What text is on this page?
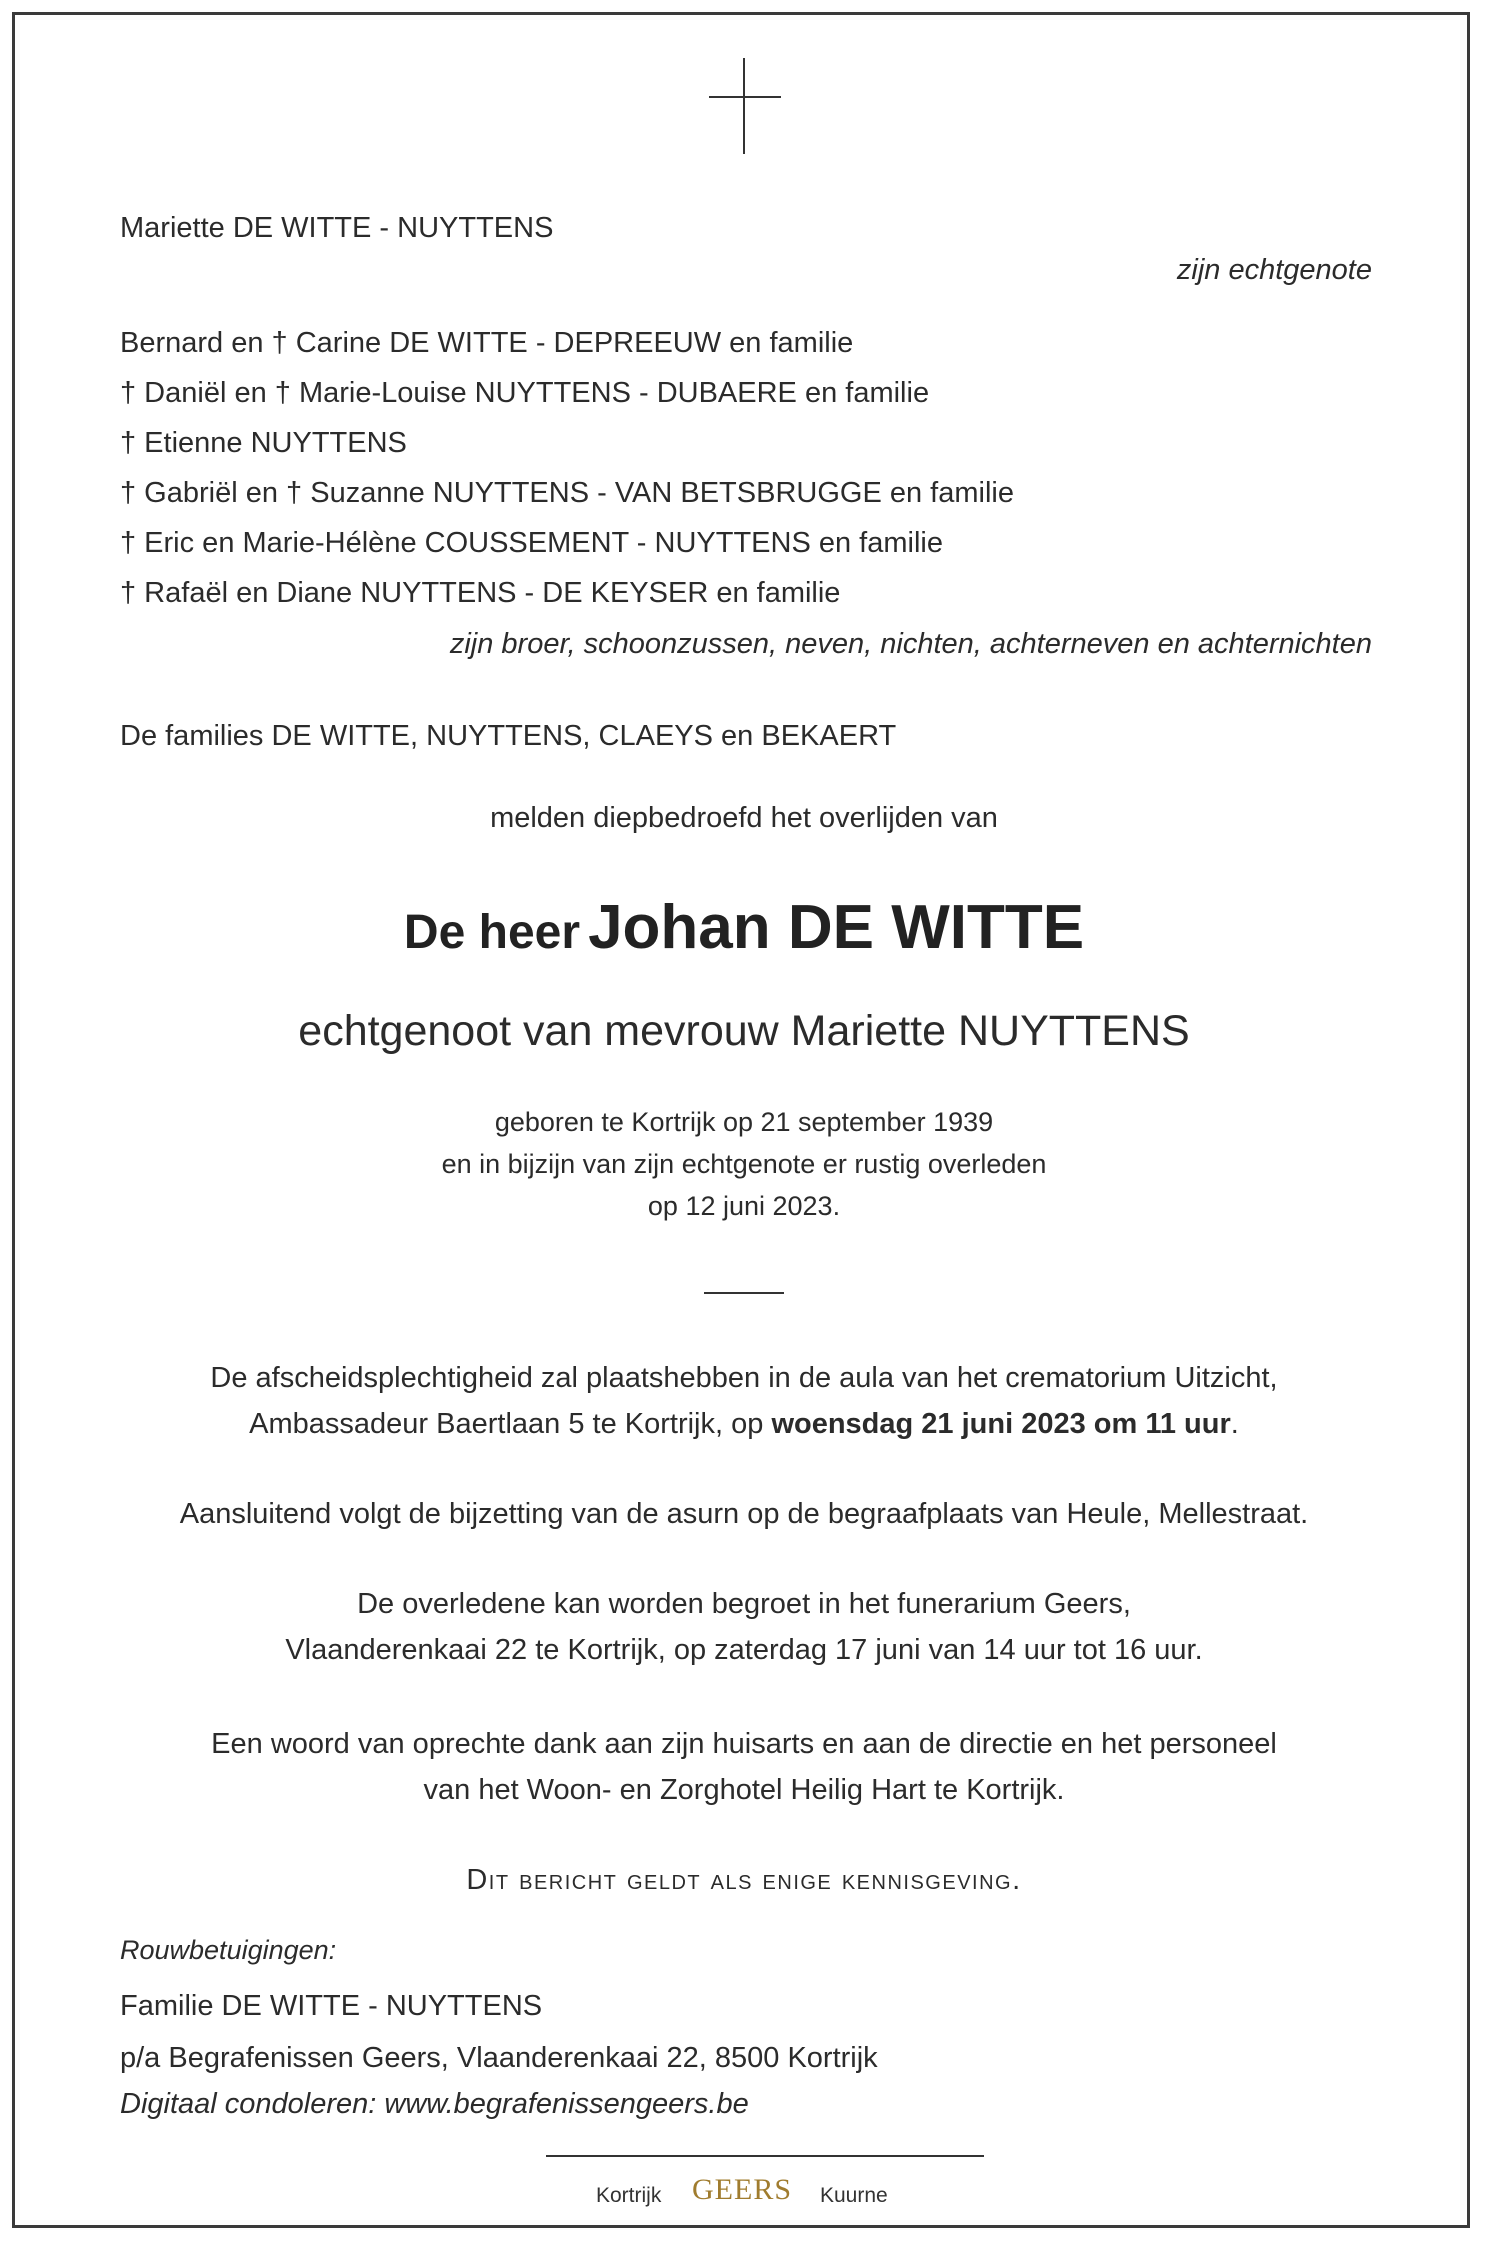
Mariette DE WITTE - NUYTTENS
zijn echtgenote
Bernard en † Carine DE WITTE - DEPREEUW en familie
† Daniël en † Marie-Louise NUYTTENS - DUBAERE en familie
† Etienne NUYTTENS
† Gabriël en † Suzanne NUYTTENS - VAN BETSBRUGGE en familie
† Eric en Marie-Hélène COUSSEMENT - NUYTTENS en familie
† Rafaël en Diane NUYTTENS - DE KEYSER en familie
zijn broer, schoonzussen, neven, nichten, achterneven en achternichten
De families DE WITTE, NUYTTENS, CLAEYS en BEKAERT
melden diepbedroefd het overlijden van
De heer Johan DE WITTE
echtgenoot van mevrouw Mariette NUYTTENS
geboren te Kortrijk op 21 september 1939
en in bijzijn van zijn echtgenote er rustig overleden
op 12 juni 2023.
De afscheidsplechtigheid zal plaatshebben in de aula van het crematorium Uitzicht,
Ambassadeur Baertlaan 5 te Kortrijk, op woensdag 21 juni 2023 om 11 uur.
Aansluitend volgt de bijzetting van de asurn op de begraafplaats van Heule, Mellestraat.
De overledene kan worden begroet in het funerarium Geers,
Vlaanderenkaai 22 te Kortrijk, op zaterdag 17 juni van 14 uur tot 16 uur.
Een woord van oprechte dank aan zijn huisarts en aan de directie en het personeel
van het Woon- en Zorghotel Heilig Hart te Kortrijk.
Dit bericht geldt als enige kennisgeving.
Rouwbetuigingen:
Familie DE WITTE - NUYTTENS
p/a Begrafenissen Geers, Vlaanderenkaai 22, 8500 Kortrijk
Digitaal condoleren: www.begrafenissengeers.be
Kortrijk GEERS Kuurne
